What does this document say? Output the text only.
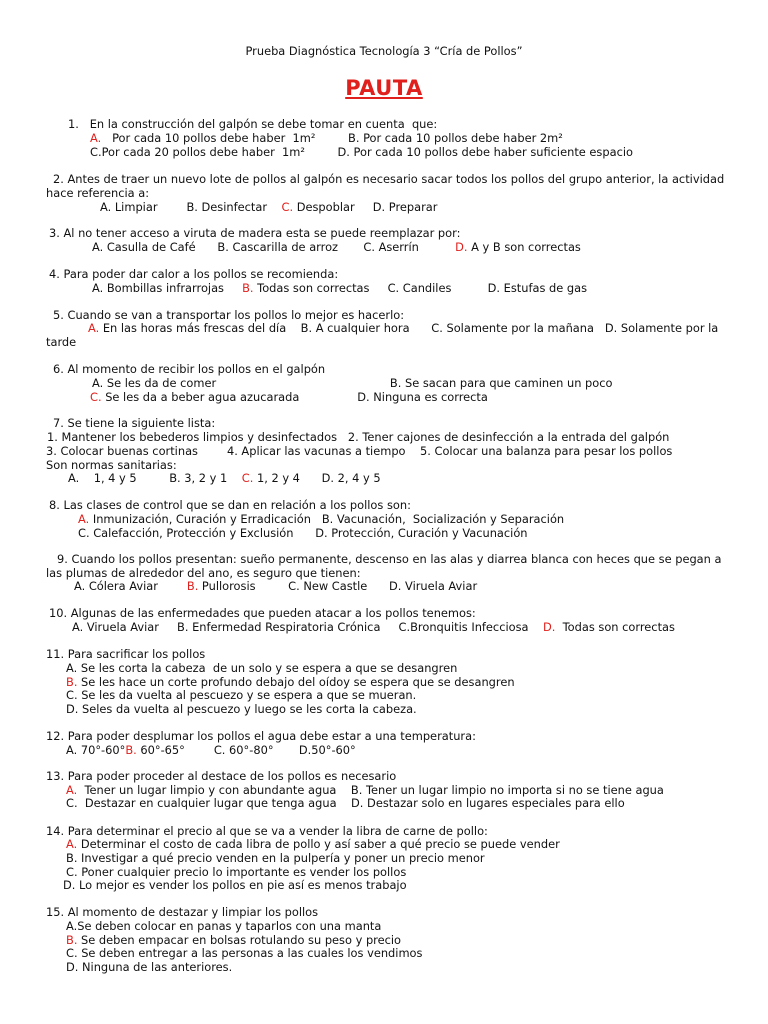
Prueba Diagnóstica Tecnología 3 “Cría de Pollos”
PAUTA
1.   En la construcción del galpón se debe tomar en cuenta  que:
A.   Por cada 10 pollos debe haber  1m²         B. Por cada 10 pollos debe haber 2m²
C.Por cada 20 pollos debe haber  1m²         D. Por cada 10 pollos debe haber suficiente espacio
2. Antes de traer un nuevo lote de pollos al galpón es necesario sacar todos los pollos del grupo anterior, la actividad
hace referencia a:
A. Limpiar        B. Desinfectar    C. Despoblar     D. Preparar
3. Al no tener acceso a viruta de madera esta se puede reemplazar por:
A. Casulla de Café      B. Cascarilla de arroz       C. Aserrín          D. A y B son correctas
4. Para poder dar calor a los pollos se recomienda:
A. Bombillas infrarrojas     B. Todas son correctas     C. Candiles          D. Estufas de gas
5. Cuando se van a transportar los pollos lo mejor es hacerlo:
A. En las horas más frescas del día    B. A cualquier hora      C. Solamente por la mañana   D. Solamente por la
tarde
6. Al momento de recibir los pollos en el galpón
A. Se les da de comer                                                B. Se sacan para que caminen un poco
C. Se les da a beber agua azucarada                D. Ninguna es correcta
7. Se tiene la siguiente lista:
1. Mantener los bebederos limpios y desinfectados   2. Tener cajones de desinfección a la entrada del galpón
3. Colocar buenas cortinas        4. Aplicar las vacunas a tiempo    5. Colocar una balanza para pesar los pollos
Son normas sanitarias:
A.    1, 4 y 5         B. 3, 2 y 1    C. 1, 2 y 4      D. 2, 4 y 5
8. Las clases de control que se dan en relación a los pollos son:
A. Inmunización, Curación y Erradicación   B. Vacunación,  Socialización y Separación
C. Calefacción, Protección y Exclusión      D. Protección, Curación y Vacunación
9. Cuando los pollos presentan: sueño permanente, descenso en las alas y diarrea blanca con heces que se pegan a
las plumas de alrededor del ano, es seguro que tienen:
A. Cólera Aviar        B. Pullorosis         C. New Castle      D. Viruela Aviar
10. Algunas de las enfermedades que pueden atacar a los pollos tenemos:
A. Viruela Aviar     B. Enfermedad Respiratoria Crónica     C.Bronquitis Infecciosa    D.  Todas son correctas
11. Para sacrificar los pollos
A. Se les corta la cabeza  de un solo y se espera a que se desangren
B. Se les hace un corte profundo debajo del oídoy se espera que se desangren
C. Se les da vuelta al pescuezo y se espera a que se mueran.
D. Seles da vuelta al pescuezo y luego se les corta la cabeza.
12. Para poder desplumar los pollos el agua debe estar a una temperatura:
A. 70°-60°B. 60°-65°        C. 60°-80°       D.50°-60°
13. Para poder proceder al destace de los pollos es necesario
A.  Tener un lugar limpio y con abundante agua    B. Tener un lugar limpio no importa si no se tiene agua
C.  Destazar en cualquier lugar que tenga agua    D. Destazar solo en lugares especiales para ello
14. Para determinar el precio al que se va a vender la libra de carne de pollo:
A. Determinar el costo de cada libra de pollo y así saber a qué precio se puede vender
B. Investigar a qué precio venden en la pulpería y poner un precio menor
C. Poner cualquier precio lo importante es vender los pollos
D. Lo mejor es vender los pollos en pie así es menos trabajo
15. Al momento de destazar y limpiar los pollos
A.Se deben colocar en panas y taparlos con una manta
B. Se deben empacar en bolsas rotulando su peso y precio
C. Se deben entregar a las personas a las cuales los vendimos
D. Ninguna de las anteriores.
